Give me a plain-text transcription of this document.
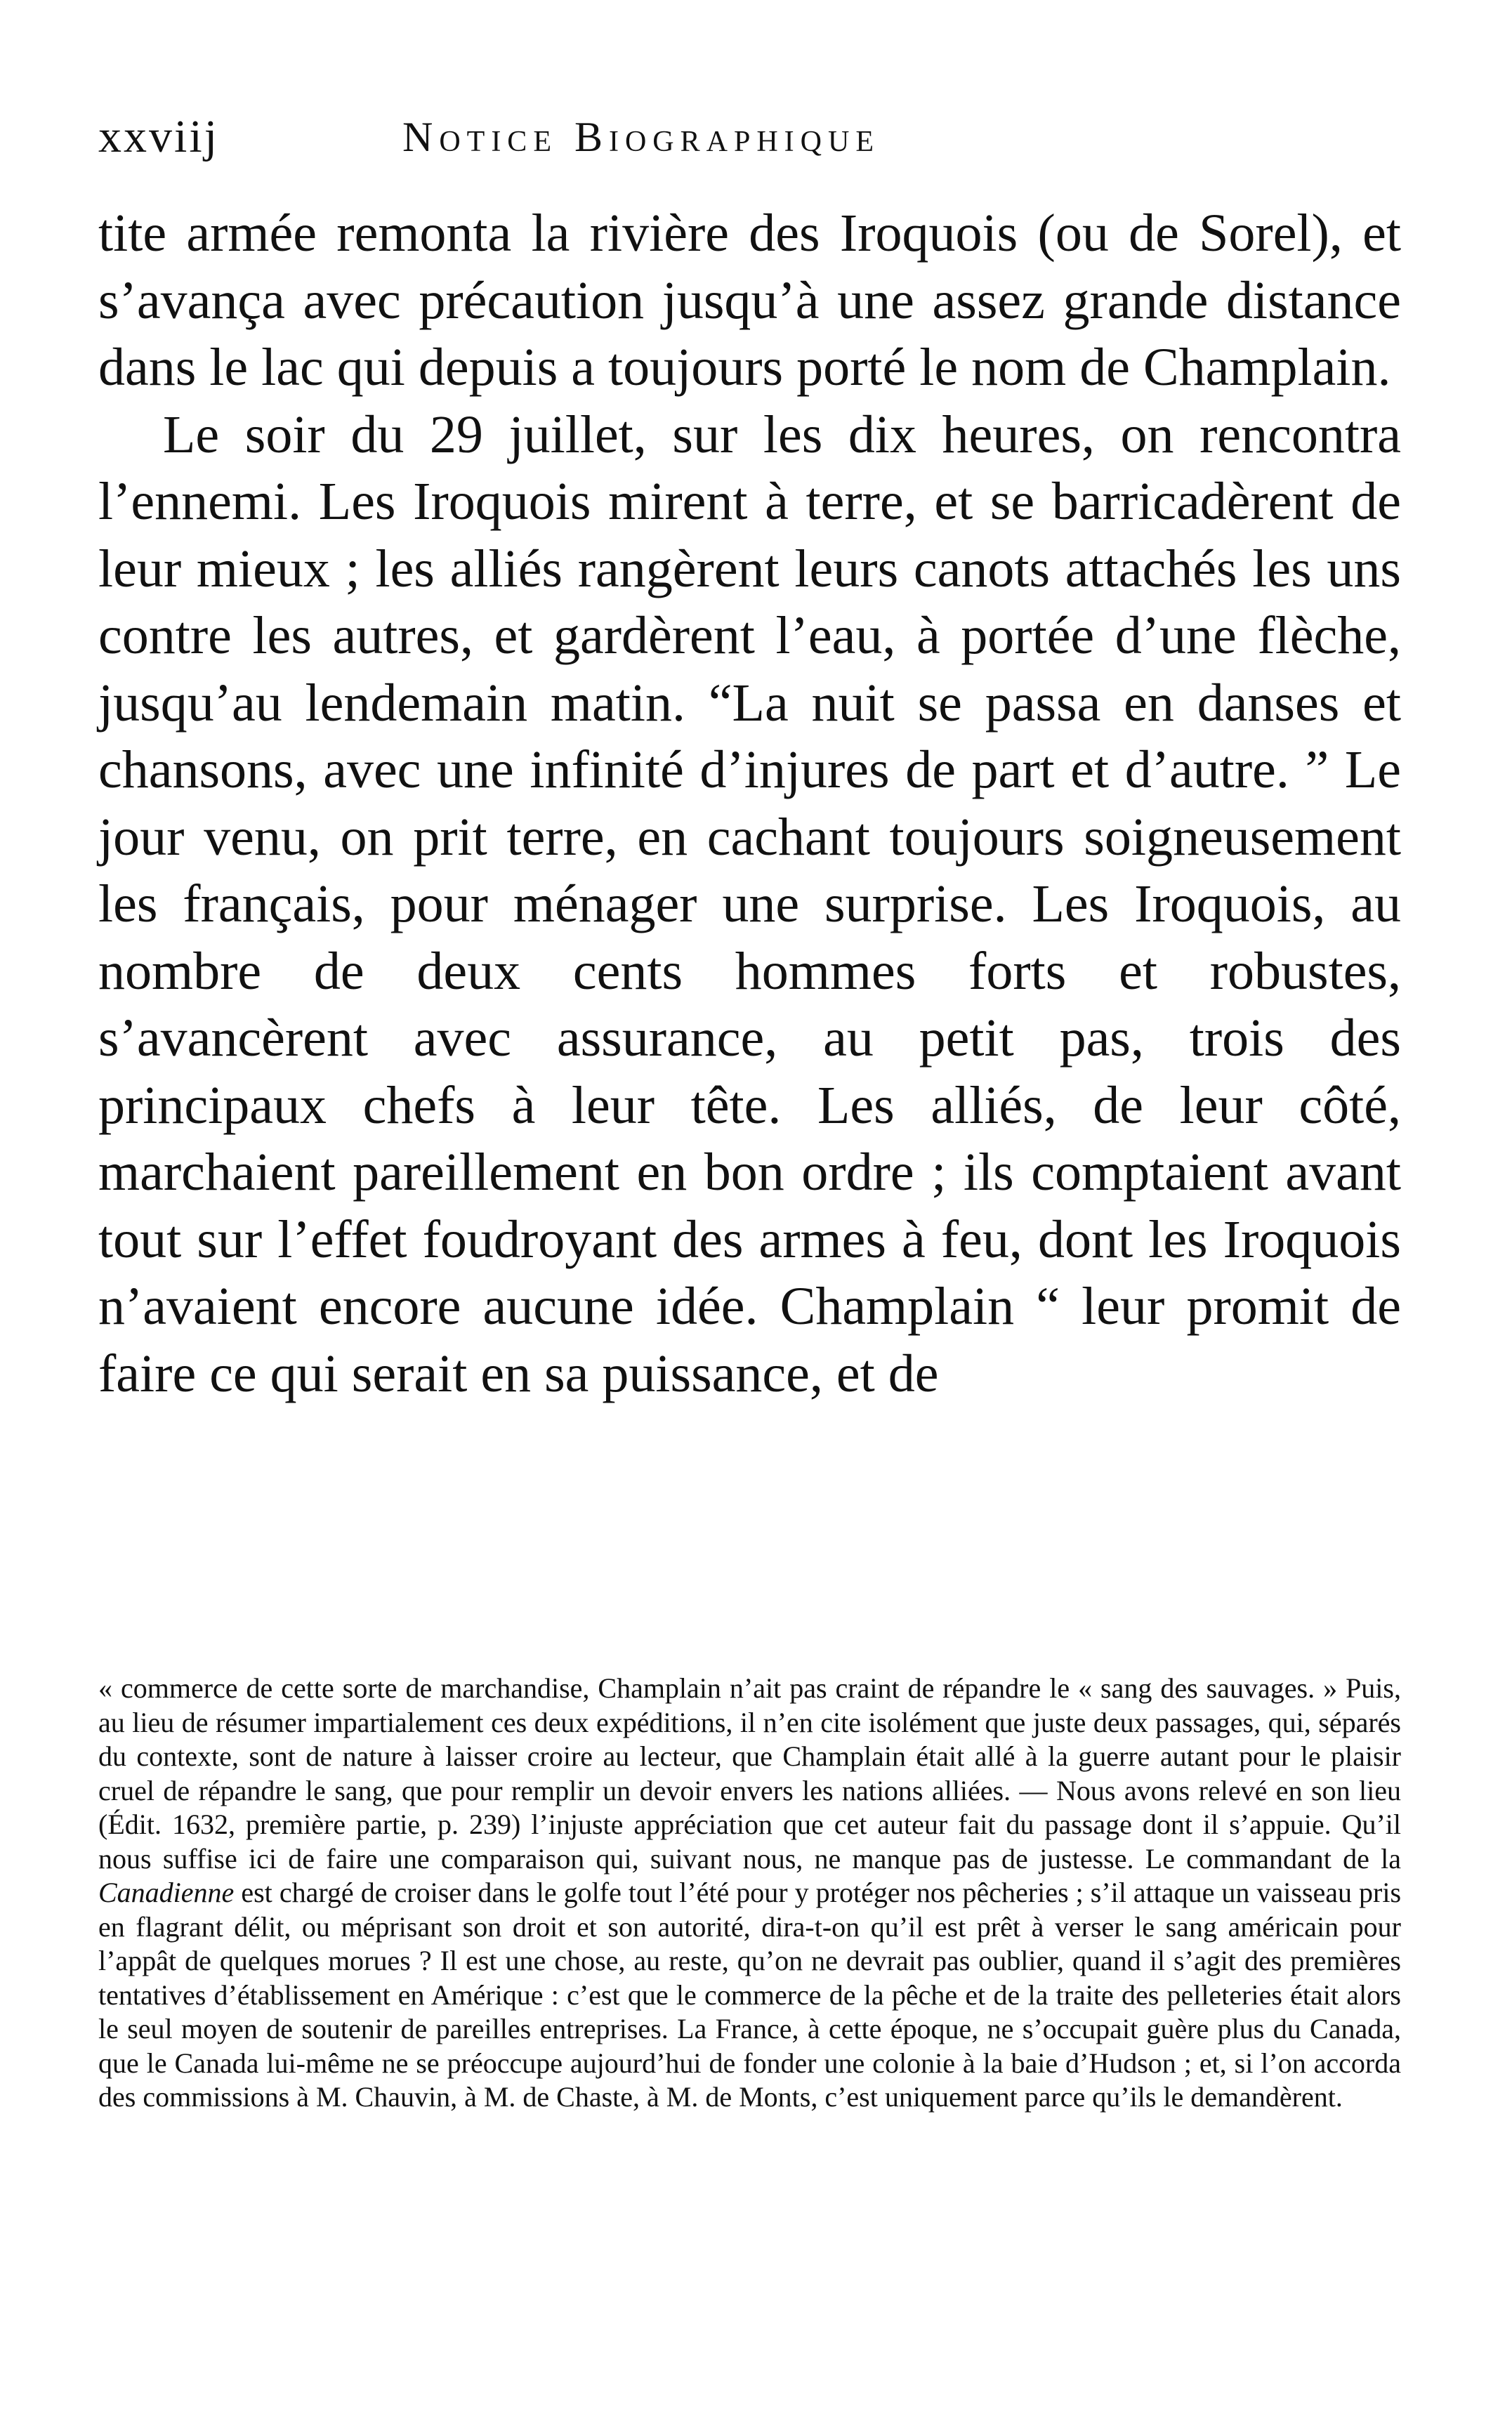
xxviij	Notice Biographique

tite armée remonta la rivière des Iroquois (ou de Sorel), et s’avança avec précaution jusqu’à une assez grande distance dans le lac qui depuis a toujours porté le nom de Champlain.

Le soir du 29 juillet, sur les dix heures, on rencontra l’ennemi. Les Iroquois mirent à terre, et se barricadèrent de leur mieux ; les alliés rangèrent leurs canots attachés les uns contre les autres, et gardèrent l’eau, à portée d’une flèche, jusqu’au lendemain matin. “La nuit se passa en danses et chansons, avec une infinité d’injures de part et d’autre. ” Le jour venu, on prit terre, en cachant toujours soigneusement les français, pour ménager une surprise. Les Iroquois, au nombre de deux cents hommes forts et robustes, s’avancèrent avec assurance, au petit pas, trois des principaux chefs à leur tête. Les alliés, de leur côté, marchaient pareillement en bon ordre ; ils comptaient avant tout sur l’effet foudroyant des armes à feu, dont les Iroquois n’avaient encore aucune idée. Champlain “ leur promit de faire ce qui serait en sa puissance, et de

« commerce de cette sorte de marchandise, Champlain n’ait pas craint de répandre le « sang des sauvages. » Puis, au lieu de résumer impartialement ces deux expéditions, il n’en cite isolément que juste deux passages, qui, séparés du contexte, sont de nature à laisser croire au lecteur, que Champlain était allé à la guerre autant pour le plaisir cruel de répandre le sang, que pour remplir un devoir envers les nations alliées. — Nous avons relevé en son lieu (Édit. 1632, première partie, p. 239) l’injuste appréciation que cet auteur fait du passage dont il s’appuie. Qu’il nous suffise ici de faire une comparaison qui, suivant nous, ne manque pas de justesse. Le commandant de la Canadienne est chargé de croiser dans le golfe tout l’été pour y protéger nos pêcheries ; s’il attaque un vaisseau pris en flagrant délit, ou méprisant son droit et son autorité, dira-t-on qu’il est prêt à verser le sang américain pour l’appât de quelques morues ? Il est une chose, au reste, qu’on ne devrait pas oublier, quand il s’agit des premières tentatives d’établissement en Amérique : c’est que le commerce de la pêche et de la traite des pelleteries était alors le seul moyen de soutenir de pareilles entreprises. La France, à cette époque, ne s’occupait guère plus du Canada, que le Canada lui-même ne se préoccupe aujourd’hui de fonder une colonie à la baie d’Hudson ; et, si l’on accorda des commissions à M. Chauvin, à M. de Chaste, à M. de Monts, c’est uniquement parce qu’ils le demandèrent.
